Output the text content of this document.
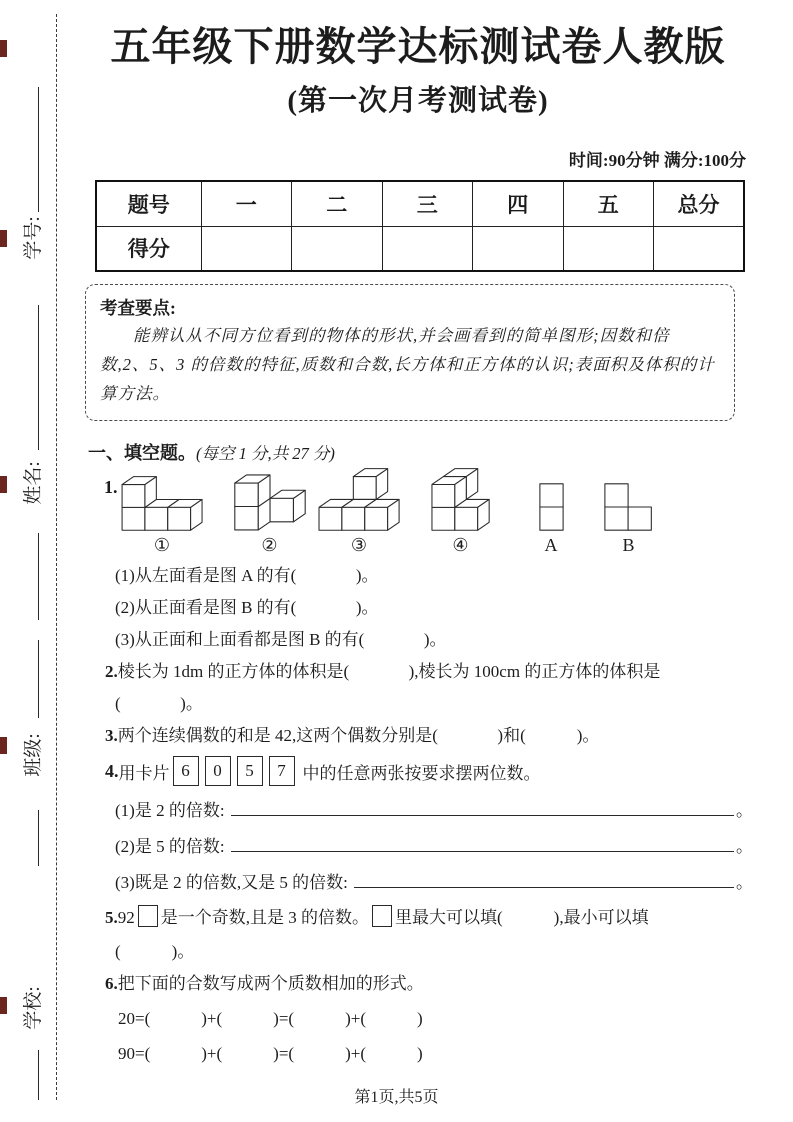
学号:
姓名:
班级:
学校:
五年级下册数学达标测试卷人教版
(第一次月考测试卷)
时间:90分钟 满分:100分
题号	一	二	三	四	五	总分
得分						
考查要点:
能辨认从不同方位看到的物体的形状,并会画看到的简单图形;因数和倍数,2、5、3 的倍数的特征,质数和合数,长方体和正方体的认识;表面积及体积的计算方法。
一、填空题。(每空 1 分,共 27 分)
1.
①	②	③	④	A	B
(1)从左面看是图 A 的有(              )。
(2)从正面看是图 B 的有(              )。
(3)从正面和上面看都是图 B 的有(              )。
2.棱长为 1dm 的正方体的体积是(              ),棱长为 100cm 的正方体的体积是
(              )。
3.两个连续偶数的和是 42,这两个偶数分别是(              )和(            )。
4. 用卡片 6	0	5	7 中的任意两张按要求摆两位数。
(1)是 2 的倍数:	。
(2)是 5 的倍数:	。
(3)既是 2 的倍数,又是 5 的倍数:	。
5.92 是一个奇数,且是 3 的倍数。 里最大可以填(            ),最小可以填
(            )。
6.把下面的合数写成两个质数相加的形式。
20=(            )+(            )=(            )+(            )
90=(            )+(            )=(            )+(            )
第1页,共5页
